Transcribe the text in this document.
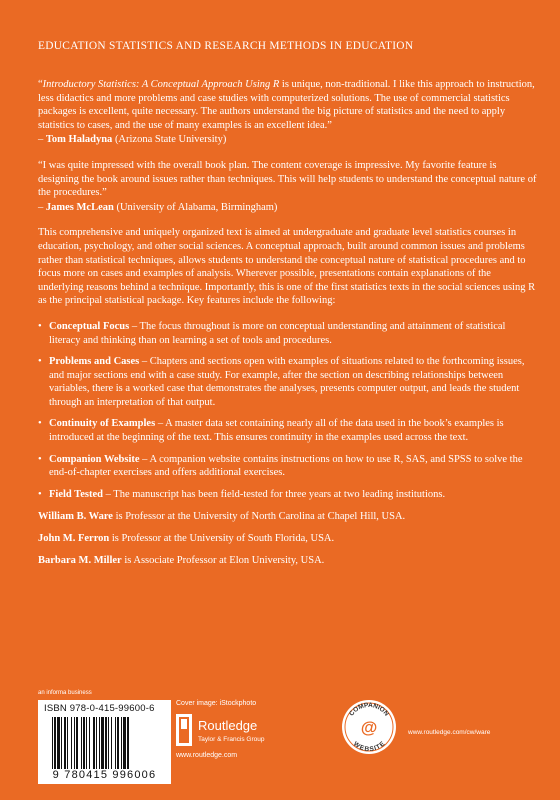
EDUCATION STATISTICS AND RESEARCH METHODS IN EDUCATION

“Introductory Statistics: A Conceptual Approach Using R is unique, non-traditional. I like this approach to instruction, less didactics and more problems and case studies with computerized solutions. The use of commercial statistics packages is excellent, quite necessary. The authors understand the big picture of statistics and the need to apply statistics to cases, and the use of many examples is an excellent idea.”

– Tom Haladyna (Arizona State University)

“I was quite impressed with the overall book plan. The content coverage is impressive. My favorite feature is designing the book around issues rather than techniques. This will help students to understand the conceptual nature of the procedures.”

– James McLean (University of Alabama, Birmingham)

This comprehensive and uniquely organized text is aimed at undergraduate and graduate level statistics courses in education, psychology, and other social sciences. A conceptual approach, built around common issues and problems rather than statistical techniques, allows students to understand the conceptual nature of statistical procedures and to focus more on cases and examples of analysis. Wherever possible, presentations contain explanations of the underlying reasons behind a technique. Importantly, this is one of the first statistics texts in the social sciences using R as the principal statistical package. Key features include the following:

• Conceptual Focus – The focus throughout is more on conceptual understanding and attainment of statistical literacy and thinking than on learning a set of tools and procedures.
• Problems and Cases – Chapters and sections open with examples of situations related to the forthcoming issues, and major sections end with a case study. For example, after the section on describing relationships between variables, there is a worked case that demonstrates the analyses, presents computer output, and leads the student through an interpretation of that output.
• Continuity of Examples – A master data set containing nearly all of the data used in the book’s examples is introduced at the beginning of the text. This ensures continuity in the examples used across the text.
• Companion Website – A companion website contains instructions on how to use R, SAS, and SPSS to solve the end-of-chapter exercises and offers additional exercises.
• Field Tested – The manuscript has been field-tested for three years at two leading institutions.

William B. Ware is Professor at the University of North Carolina at Chapel Hill, USA.

John M. Ferron is Professor at the University of South Florida, USA.

Barbara M. Miller is Associate Professor at Elon University, USA.

an informa business
ISBN 978-0-415-99600-6
9 780415 996006
Cover image: iStockphoto
Routledge
Taylor & Francis Group
www.routledge.com
COMPANION
WEBSITE
@	www.routledge.com/cw/ware
